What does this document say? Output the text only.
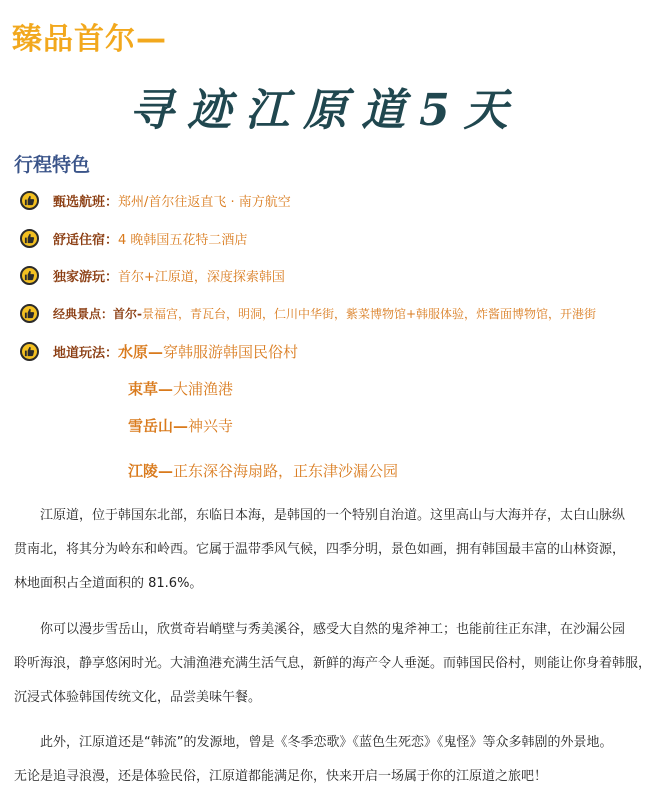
臻品首尔—
寻迹江原道5天
行程特色
甄选航班： 郑州/首尔往返直飞 · 南方航空
舒适住宿： 4 晚韩国五花特二酒店
独家游玩： 首尔+江原道，深度探索韩国
经典景点： 首尔- 景福宫，青瓦台，明洞，仁川中华街，紫菜博物馆+韩服体验，炸酱面博物馆，开港街
地道玩法： 水原—穿韩服游韩国民俗村
束草—大浦渔港
雪岳山—神兴寺
江陵—正东深谷海扇路，正东津沙漏公园
江原道，位于韩国东北部，东临日本海，是韩国的一个特别自治道。这里高山与大海并存，太白山脉纵
贯南北，将其分为岭东和岭西。它属于温带季风气候，四季分明，景色如画，拥有韩国最丰富的山林资源，
林地面积占全道面积的 81.6%。
你可以漫步雪岳山，欣赏奇岩峭壁与秀美溪谷，感受大自然的鬼斧神工；也能前往正东津，在沙漏公园
聆听海浪，静享悠闲时光。大浦渔港充满生活气息，新鲜的海产令人垂涎。而韩国民俗村，则能让你身着韩服，
沉浸式体验韩国传统文化，品尝美味午餐。
此外，江原道还是“韩流”的发源地，曾是《冬季恋歌》《蓝色生死恋》《鬼怪》等众多韩剧的外景地。
无论是追寻浪漫，还是体验民俗，江原道都能满足你，快来开启一场属于你的江原道之旅吧！
